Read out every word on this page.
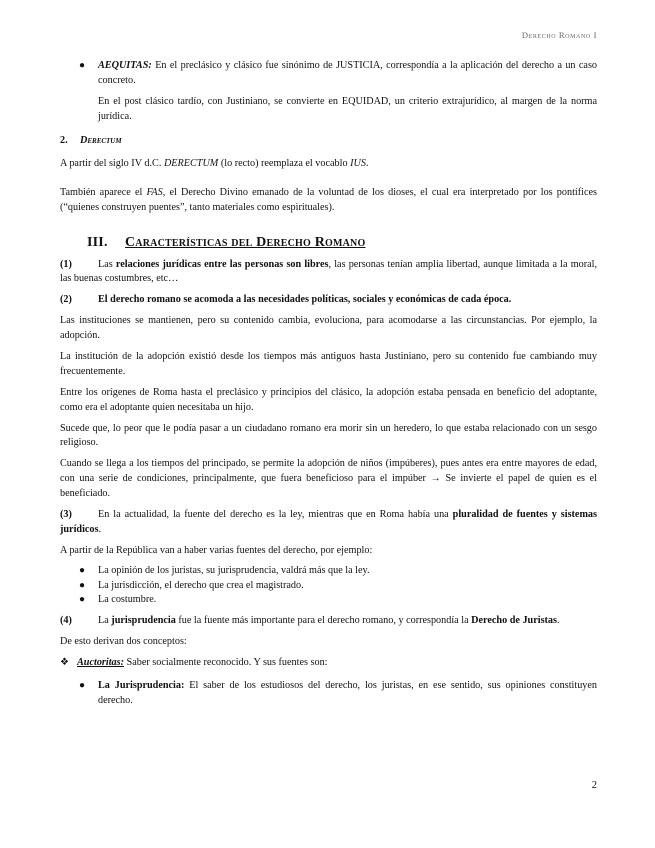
Derecho Romano I

● AEQUITAS: En el preclásico y clásico fue sinónimo de JUSTICIA, correspondía a la aplicación del derecho a un caso concreto.

En el post clásico tardío, con Justiniano, se convierte en EQUIDAD, un criterio extrajurídico, al margen de la norma jurídica.

2. Derectum

A partir del siglo IV d.C. DERECTUM (lo recto) reemplaza el vocablo IUS.

También aparece el FAS, el Derecho Divino emanado de la voluntad de los dioses, el cual era interpretado por los pontífices (“quienes construyen puentes”, tanto materiales como espirituales).

III. Características del Derecho Romano

(1)	Las relaciones jurídicas entre las personas son libres, las personas tenían amplia libertad, aunque limitada a la moral, las buenas costumbres, etc…

(2)	El derecho romano se acomoda a las necesidades políticas, sociales y económicas de cada época.

Las instituciones se mantienen, pero su contenido cambia, evoluciona, para acomodarse a las circunstancias. Por ejemplo, la adopción.

La institución de la adopción existió desde los tiempos más antiguos hasta Justiniano, pero su contenido fue cambiando muy frecuentemente.

Entre los orígenes de Roma hasta el preclásico y principios del clásico, la adopción estaba pensada en beneficio del adoptante, como era el adoptante quien necesitaba un hijo.

Sucede que, lo peor que le podía pasar a un ciudadano romano era morir sin un heredero, lo que estaba relacionado con un sesgo religioso.

Cuando se llega a los tiempos del principado, se permite la adopción de niños (impúberes), pues antes era entre mayores de edad, con una serie de condiciones, principalmente, que fuera beneficioso para el impúber → Se invierte el papel de quien es el beneficiado.

(3)	En la actualidad, la fuente del derecho es la ley, mientras que en Roma había una pluralidad de fuentes y sistemas jurídicos.

A partir de la República van a haber varias fuentes del derecho, por ejemplo:

● La opinión de los juristas, su jurisprudencia, valdrá más que la ley.

● La jurisdicción, el derecho que crea el magistrado.

● La costumbre.

(4)	La jurisprudencia fue la fuente más importante para el derecho romano, y correspondía la Derecho de Juristas.

De esto derivan dos conceptos:

❖ Auctoritas: Saber socialmente reconocido. Y sus fuentes son:

● La Jurisprudencia: El saber de los estudiosos del derecho, los juristas, en ese sentido, sus opiniones constituyen derecho.

2
